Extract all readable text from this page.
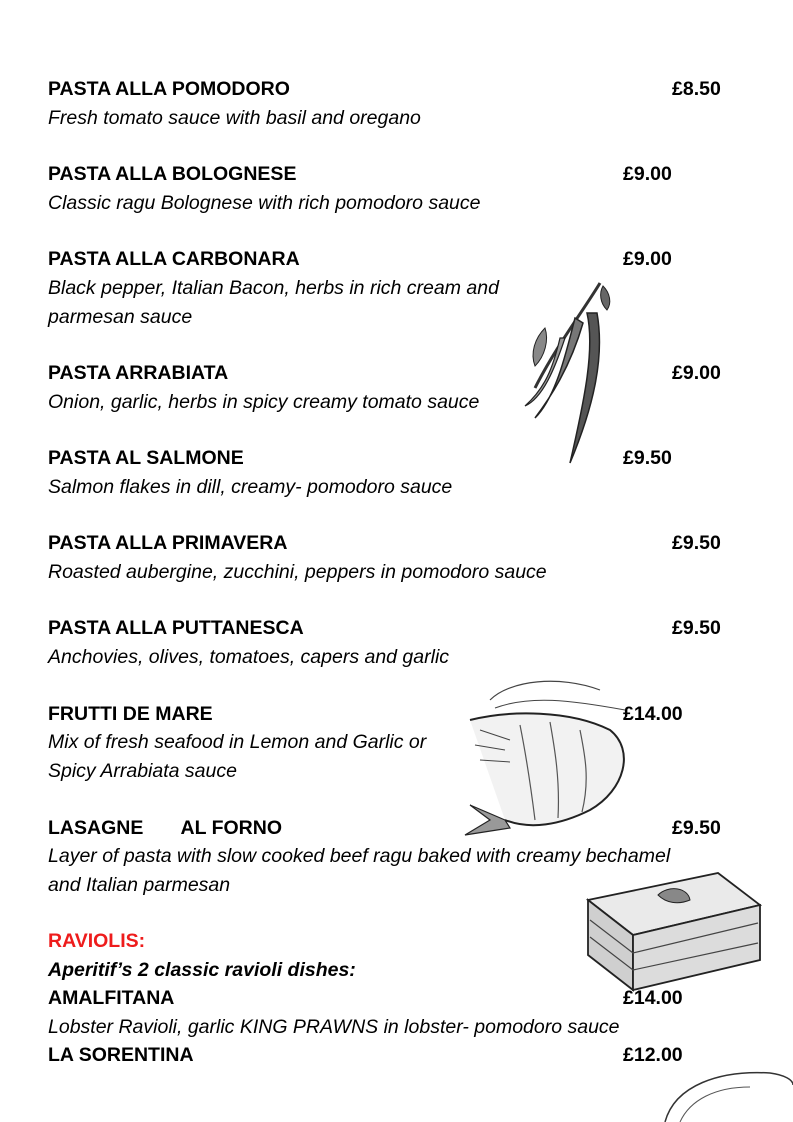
PASTA ALLA POMODORO	£8.50
Fresh tomato sauce with basil and oregano
PASTA ALLA BOLOGNESE	£9.00
Classic ragu Bolognese with rich pomodoro sauce
PASTA ALLA CARBONARA	£9.00
Black pepper, Italian Bacon, herbs in rich cream and
parmesan sauce
PASTA ARRABIATA	£9.00
Onion, garlic, herbs in spicy creamy tomato sauce
PASTA AL SALMONE	£9.50
Salmon flakes in dill, creamy- pomodoro sauce
PASTA ALLA PRIMAVERA	£9.50
Roasted aubergine, zucchini, peppers in pomodoro sauce
PASTA ALLA PUTTANESCA	£9.50
Anchovies, olives, tomatoes, capers and garlic
FRUTTI DE MARE	£14.00
Mix of fresh seafood in Lemon and Garlic or
Spicy Arrabiata sauce
LASAGNE       AL FORNO	£9.50
Layer of pasta with slow cooked beef ragu baked with creamy bechamel
and Italian parmesan
RAVIOLIS:
Aperitif’s 2 classic ravioli dishes:
AMALFITANA	£14.00
Lobster Ravioli, garlic KING PRAWNS in lobster- pomodoro sauce
LA SORENTINA	£12.00
